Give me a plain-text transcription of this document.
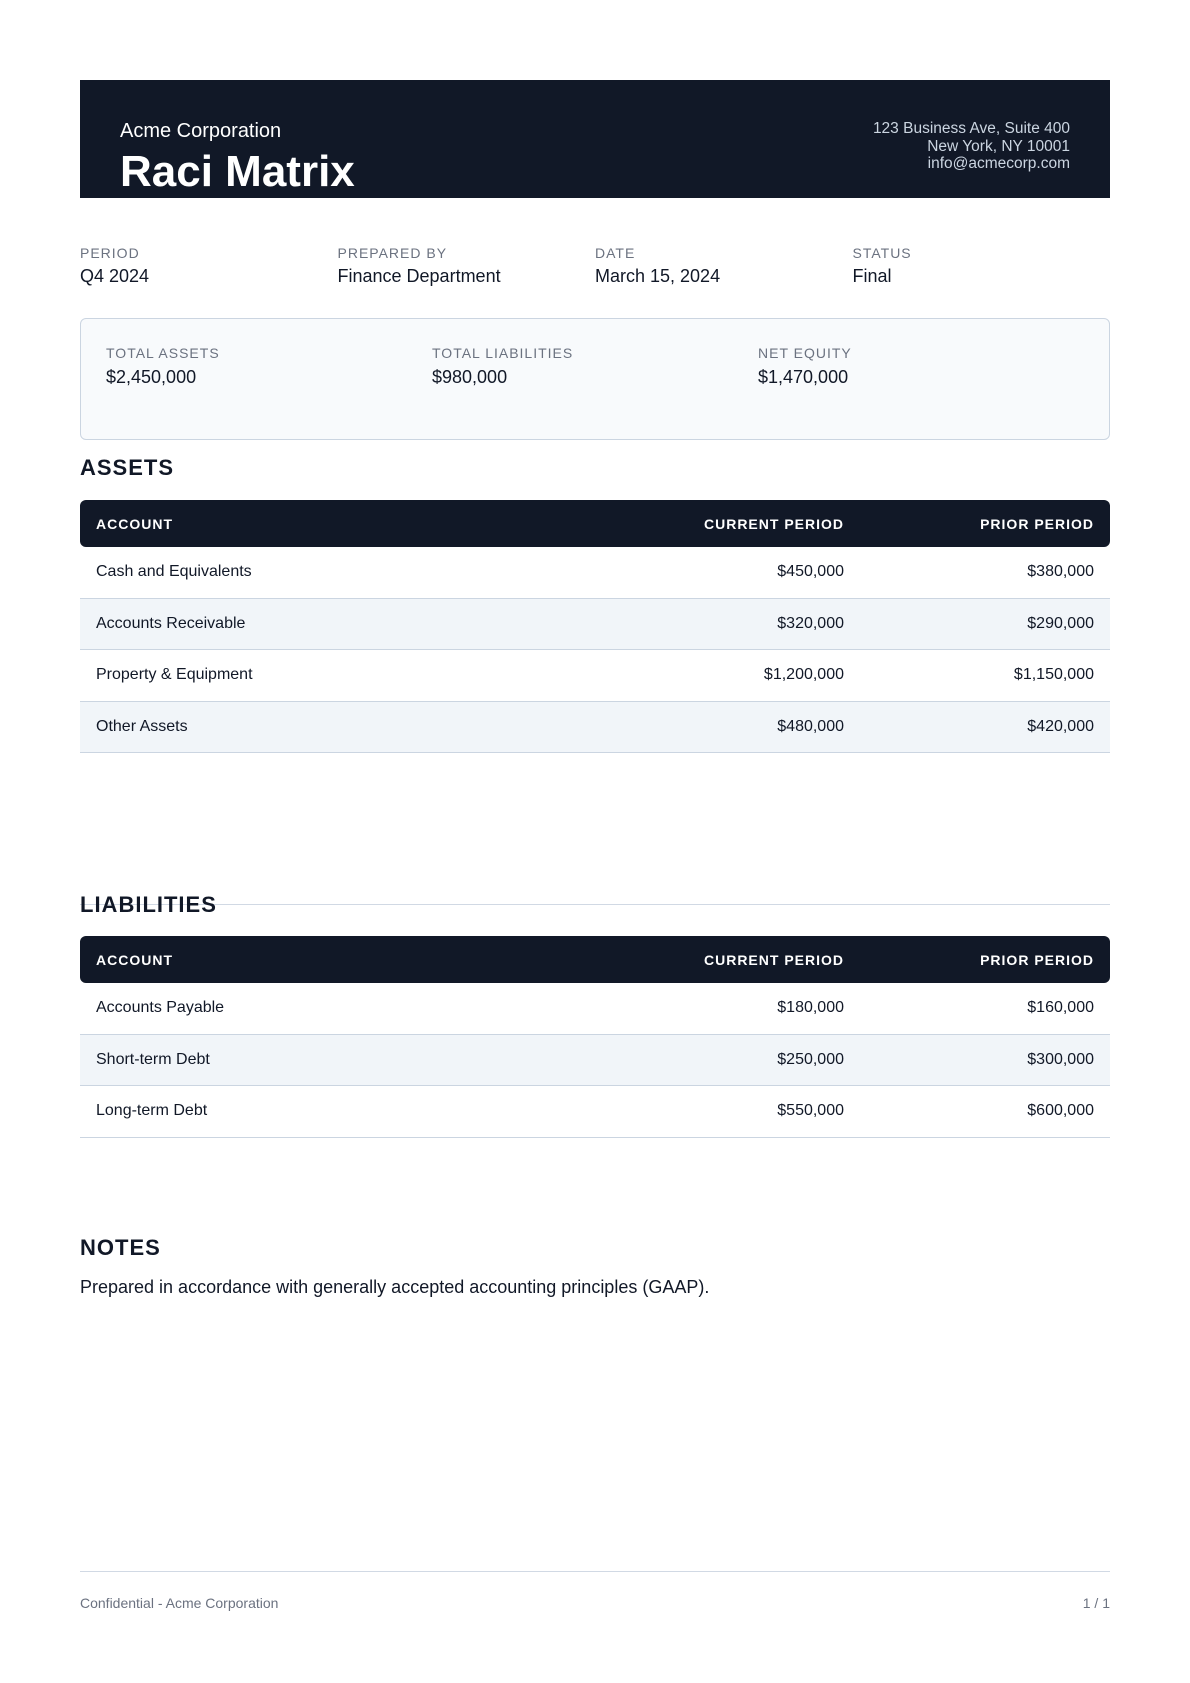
Acme Corporation
Raci Matrix
123 Business Ave, Suite 400
New York, NY 10001
info@acmecorp.com
PERIOD
Q4 2024
PREPARED BY
Finance Department
DATE
March 15, 2024
STATUS
Final
TOTAL ASSETS
$2,450,000
TOTAL LIABILITIES
$980,000
NET EQUITY
$1,470,000
ASSETS
ACCOUNT	CURRENT PERIOD	PRIOR PERIOD
Cash and Equivalents	$450,000	$380,000
Accounts Receivable	$320,000	$290,000
Property & Equipment	$1,200,000	$1,150,000
Other Assets	$480,000	$420,000
LIABILITIES
ACCOUNT	CURRENT PERIOD	PRIOR PERIOD
Accounts Payable	$180,000	$160,000
Short-term Debt	$250,000	$300,000
Long-term Debt	$550,000	$600,000
NOTES
Prepared in accordance with generally accepted accounting principles (GAAP).
Confidential - Acme Corporation	1 / 1
